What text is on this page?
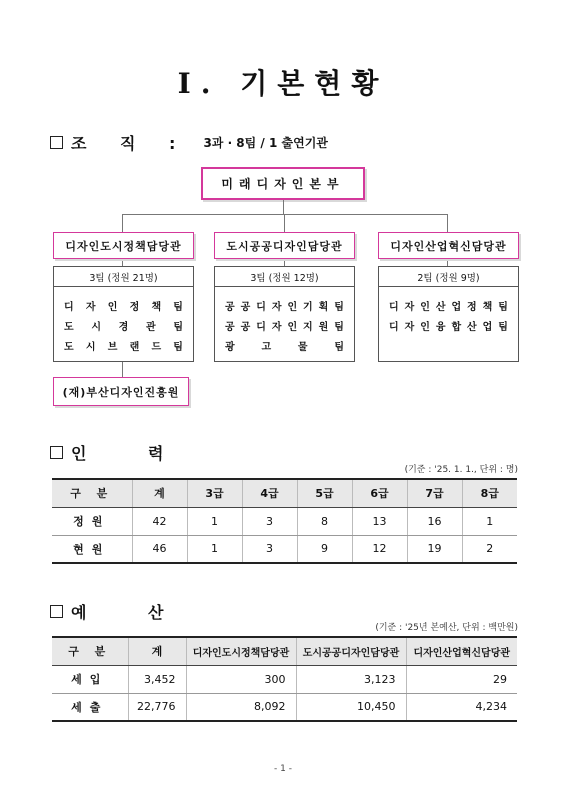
Ⅰ. 기본현황
조 직 : 3과 · 8팀 / 1 출연기관
미래디자인본부
디자인도시정책담당관	도시공공디자인담당관	디자인산업혁신담당관
3팀 (정원 21명)
디 자 인 정 책 팀
도 시 경 관 팀
도 시 브 랜 드 팀
3팀 (정원 12명)
공 공 디 자 인 기 획 팀
공 공 디 자 인 지 원 팀
광	고	물	팀
2팀 (정원 9명)
디 자 인 산 업 정 책 팀
디 자 인 융 합 산 업 팀
(재)부산디자인진흥원
인 력
(기준 : '25. 1. 1., 단위 : 명)
구 분	계	3급	4급	5급	6급	7급	8급
정원	42	1	3	8	13	16	1
현원	46	1	3	9	12	19	2
예 산
(기준 : '25년 본예산, 단위 : 백만원)
구 분	계	디자인도시정책담당관	도시공공디자인담당관	디자인산업혁신담당관
세입	3,452	300	3,123	29
세출	22,776	8,092	10,450	4,234
- 1 -
